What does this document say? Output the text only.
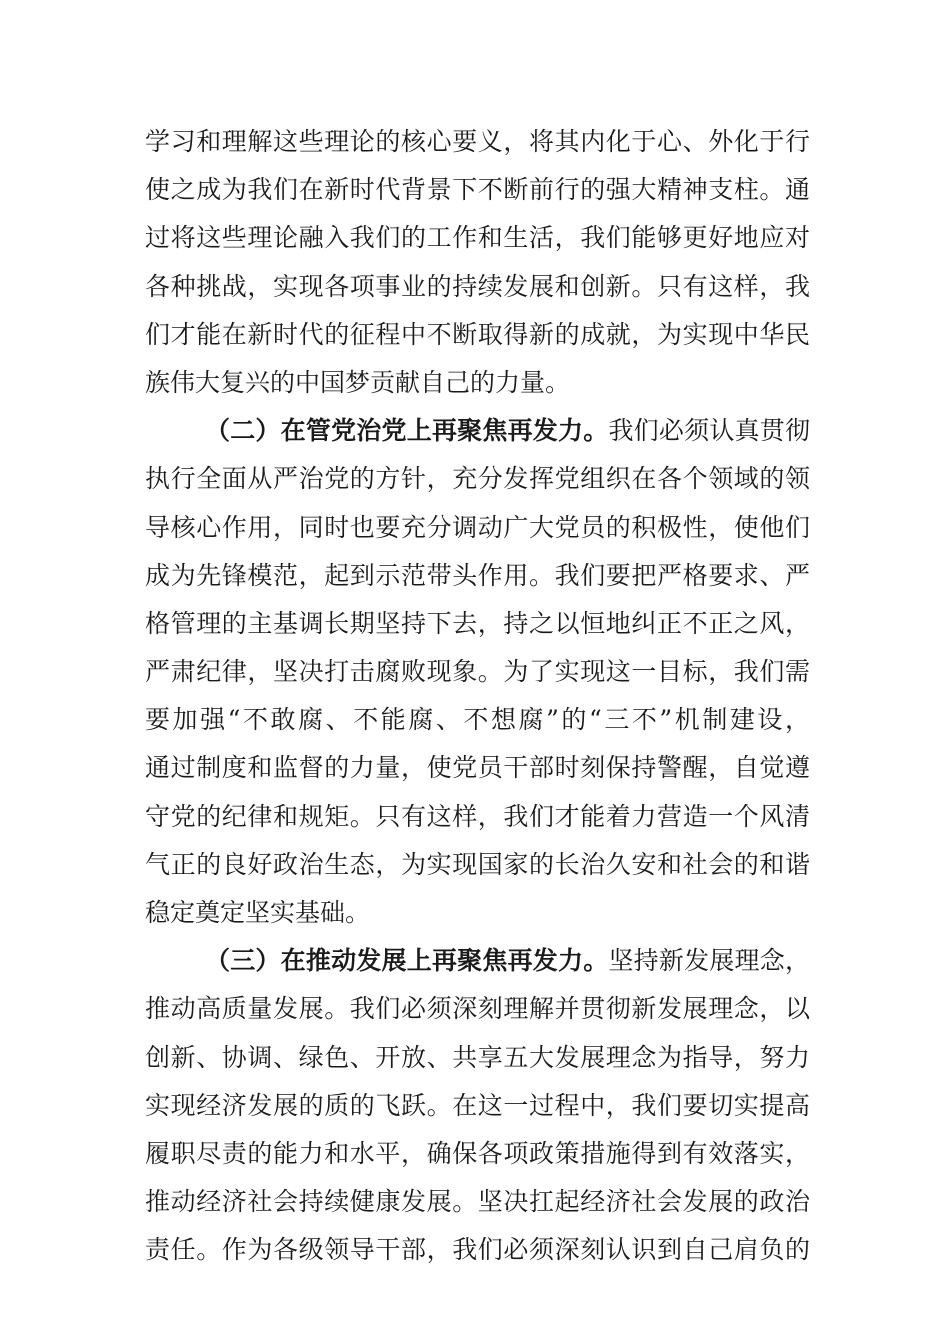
学习和理解这些理论的核心要义，将其内化于心、外化于行
使之成为我们在新时代背景下不断前行的强大精神支柱。通
过将这些理论融入我们的工作和生活，我们能够更好地应对
各种挑战，实现各项事业的持续发展和创新。只有这样，我
们才能在新时代的征程中不断取得新的成就，为实现中华民
族伟大复兴的中国梦贡献自己的力量。
（二）在管党治党上再聚焦再发力。我们必须认真贯彻
执行全面从严治党的方针，充分发挥党组织在各个领域的领
导核心作用，同时也要充分调动广大党员的积极性，使他们
成为先锋模范，起到示范带头作用。我们要把严格要求、严
格管理的主基调长期坚持下去，持之以恒地纠正不正之风，
严肃纪律，坚决打击腐败现象。为了实现这一目标，我们需
要加强“不敢腐、不能腐、不想腐”的“三不”机制建设，
通过制度和监督的力量，使党员干部时刻保持警醒，自觉遵
守党的纪律和规矩。只有这样，我们才能着力营造一个风清
气正的良好政治生态，为实现国家的长治久安和社会的和谐
稳定奠定坚实基础。
（三）在推动发展上再聚焦再发力。坚持新发展理念，
推动高质量发展。我们必须深刻理解并贯彻新发展理念，以
创新、协调、绿色、开放、共享五大发展理念为指导，努力
实现经济发展的质的飞跃。在这一过程中，我们要切实提高
履职尽责的能力和水平，确保各项政策措施得到有效落实，
推动经济社会持续健康发展。坚决扛起经济社会发展的政治
责任。作为各级领导干部，我们必须深刻认识到自己肩负的
